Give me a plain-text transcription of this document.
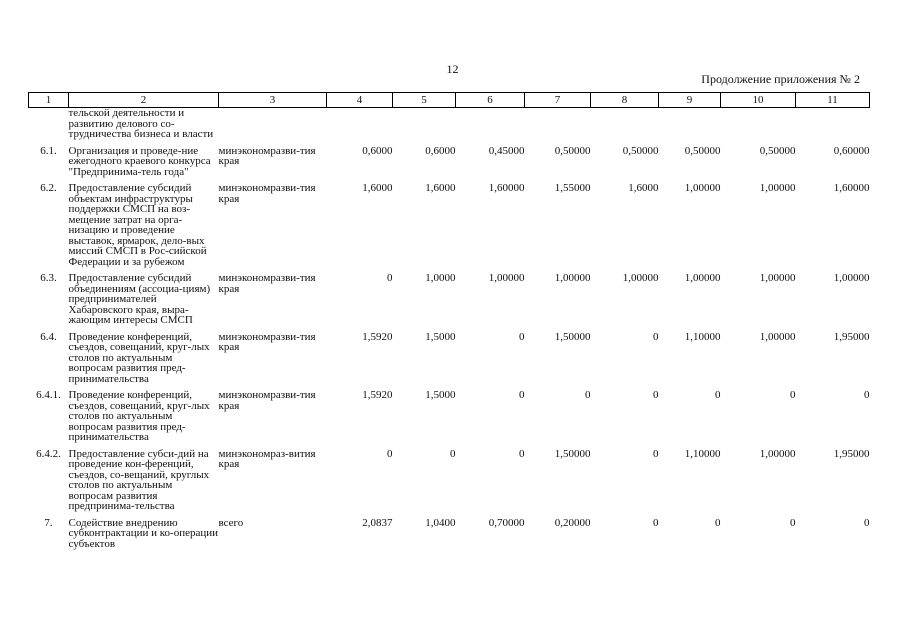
12
Продолжение приложения № 2
1	2	3	4	5	6	7	8	9	10	11
	тельской деятельности и развитию делового со-трудничества бизнеса и власти									
6.1.	Организация и проведе-ние ежегодного краевого конкурса "Предпринима-тель года"	минэкономразви-тия края	0,6000	0,6000	0,45000	0,50000	0,50000	0,50000	0,50000	0,60000
6.2.	Предоставление субсидий объектам инфраструктуры поддержки СМСП на воз-мещение затрат на орга-низацию и проведение выставок, ярмарок, дело-вых миссий СМСП в Рос-сийской Федерации и за рубежом	минэкономразви-тия края	1,6000	1,6000	1,60000	1,55000	1,6000	1,00000	1,00000	1,60000
6.3.	Предоставление субсидий объединениям (ассоциа-циям) предпринимателей Хабаровского края, выра-жающим интересы СМСП	минэкономразви-тия края	0	1,0000	1,00000	1,00000	1,00000	1,00000	1,00000	1,00000
6.4.	Проведение конференций, съездов, совещаний, круг-лых столов по актуальным вопросам развития пред-принимательства	минэкономразви-тия края	1,5920	1,5000	0	1,50000	0	1,10000	1,00000	1,95000
6.4.1.	Проведение конференций, съездов, совещаний, круг-лых столов по актуальным вопросам развития пред-принимательства	минэкономразви-тия края	1,5920	1,5000	0	0	0	0	0	0
6.4.2.	Предоставление субси-дий на проведение кон-ференций, съездов, со-вещаний, круглых столов по актуальным вопросам развития предпринима-тельства	минэкономраз-вития края	0	0	0	1,50000	0	1,10000	1,00000	1,95000
7.	Содействие внедрению субконтрактации и ко-операции субъектов	всего	2,0837	1,0400	0,70000	0,20000	0	0	0	0
